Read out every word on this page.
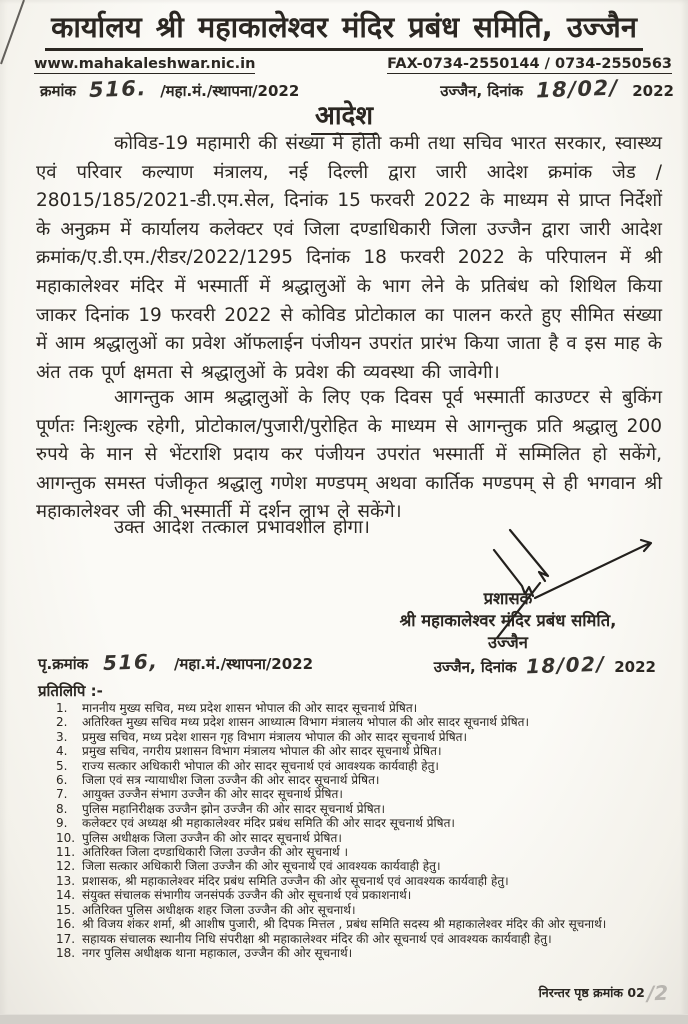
कार्यालय श्री महाकालेश्वर मंदिर प्रबंध समिति, उज्जैन
www.mahakaleshwar.nic.in	FAX-0734-2550144 / 0734-2550563
क्रमांक 516. /महा.मं./स्थापना/2022	उज्जैन, दिनांक 18/02/ 2022
आदेश
कोविड-19 महामारी की संख्या में होती कमी तथा सचिव भारत सरकार, स्वास्थ्य एवं परिवार कल्याण मंत्रालय, नई दिल्ली द्वारा जारी आदेश क्रमांक जेड / 28015/185/2021-डी.एम.सेल, दिनांक 15 फरवरी 2022 के माध्यम से प्राप्त निर्देशों के अनुक्रम में कार्यालय कलेक्टर एवं जिला दण्डाधिकारी जिला उज्जैन द्वारा जारी आदेश क्रमांक/ए.डी.एम./रीडर/2022/1295 दिनांक 18 फरवरी 2022 के परिपालन में श्री महाकालेश्वर मंदिर में भस्मार्ती में श्रद्धालुओं के भाग लेने के प्रतिबंध को शिथिल किया जाकर दिनांक 19 फरवरी 2022 से कोविड प्रोटोकाल का पालन करते हुए सीमित संख्या में आम श्रद्धालुओं का प्रवेश ऑफलाईन पंजीयन उपरांत प्रारंभ किया जाता है व इस माह के अंत तक पूर्ण क्षमता से श्रद्धालुओं के प्रवेश की व्यवस्था की जावेगी।
आगन्तुक आम श्रद्धालुओं के लिए एक दिवस पूर्व भस्मार्ती काउण्टर से बुकिंग पूर्णतः निःशुल्क रहेगी, प्रोटोकाल/पुजारी/पुरोहित के माध्यम से आगन्तुक प्रति श्रद्धालु 200 रुपये के मान से भेंटराशि प्रदाय कर पंजीयन उपरांत भस्मार्ती में सम्मिलित हो सकेंगे, आगन्तुक समस्त पंजीकृत श्रद्धालु गणेश मण्डपम् अथवा कार्तिक मण्डपम् से ही भगवान श्री महाकालेश्वर जी की भस्मार्ती में दर्शन लाभ ले सकेंगे।
उक्त आदेश तत्काल प्रभावशील होगा।
प्रशासक
श्री महाकालेश्वर मंदिर प्रबंध समिति,
उज्जैन
उज्जैन, दिनांक 18/02/ 2022
पृ.क्रमांक 516, /महा.मं./स्थापना/2022
प्रतिलिपि :-
1.	माननीय मुख्य सचिव, मध्य प्रदेश शासन भोपाल की ओर सादर सूचनार्थ प्रेषित।
2.	अतिरिक्त मुख्य सचिव मध्य प्रदेश शासन आध्यात्म विभाग मंत्रालय भोपाल की ओर सादर सूचनार्थ प्रेषित।
3.	प्रमुख सचिव, मध्य प्रदेश शासन गृह विभाग मंत्रालय भोपाल की ओर सादर सूचनार्थ प्रेषित।
4.	प्रमुख सचिव, नगरीय प्रशासन विभाग मंत्रालय भोपाल की ओर सादर सूचनार्थ प्रेषित।
5.	राज्य सत्कार अधिकारी भोपाल की ओर सादर सूचनार्थ एवं आवश्यक कार्यवाही हेतु।
6.	जिला एवं सत्र न्यायाधीश जिला उज्जैन की ओर सादर सूचनार्थ प्रेषित।
7.	आयुक्त उज्जैन संभाग उज्जैन की ओर सादर सूचनार्थ प्रेषित।
8.	पुलिस महानिरीक्षक उज्जैन झोन उज्जैन की ओर सादर सूचनार्थ प्रेषित।
9.	कलेक्टर एवं अध्यक्ष श्री महाकालेश्वर मंदिर प्रबंध समिति की ओर सादर सूचनार्थ प्रेषित।
10. पुलिस अधीक्षक जिला उज्जैन की ओर सादर सूचनार्थ प्रेषित।
11. अतिरिक्त जिला दण्डाधिकारी जिला उज्जैन की ओर सूचनार्थ ।
12. जिला सत्कार अधिकारी जिला उज्जैन की ओर सूचनार्थ एवं आवश्यक कार्यवाही हेतु।
13. प्रशासक, श्री महाकालेश्वर मंदिर प्रबंध समिति उज्जैन की ओर सूचनार्थ एवं आवश्यक कार्यवाही हेतु।
14. संयुक्त संचालक संभागीय जनसंपर्क उज्जैन की ओर सूचनार्थ एवं प्रकाशनार्थ।
15. अतिरिक्त पुलिस अधीक्षक शहर जिला उज्जैन की ओर सूचनार्थ।
16. श्री विजय शंकर शर्मा, श्री आशीष पुजारी, श्री दिपक मित्तल , प्रबंध समिति सदस्य श्री महाकालेश्वर मंदिर की ओर सूचनार्थ।
17. सहायक संचालक स्थानीय निधि संपरीक्षा श्री महाकालेश्वर मंदिर की ओर सूचनार्थ एवं आवश्यक कार्यवाही हेतु।
18. नगर पुलिस अधीक्षक थाना महाकाल, उज्जैन की ओर सूचनार्थ।
निरन्तर पृष्ठ क्रमांक 02 /2
